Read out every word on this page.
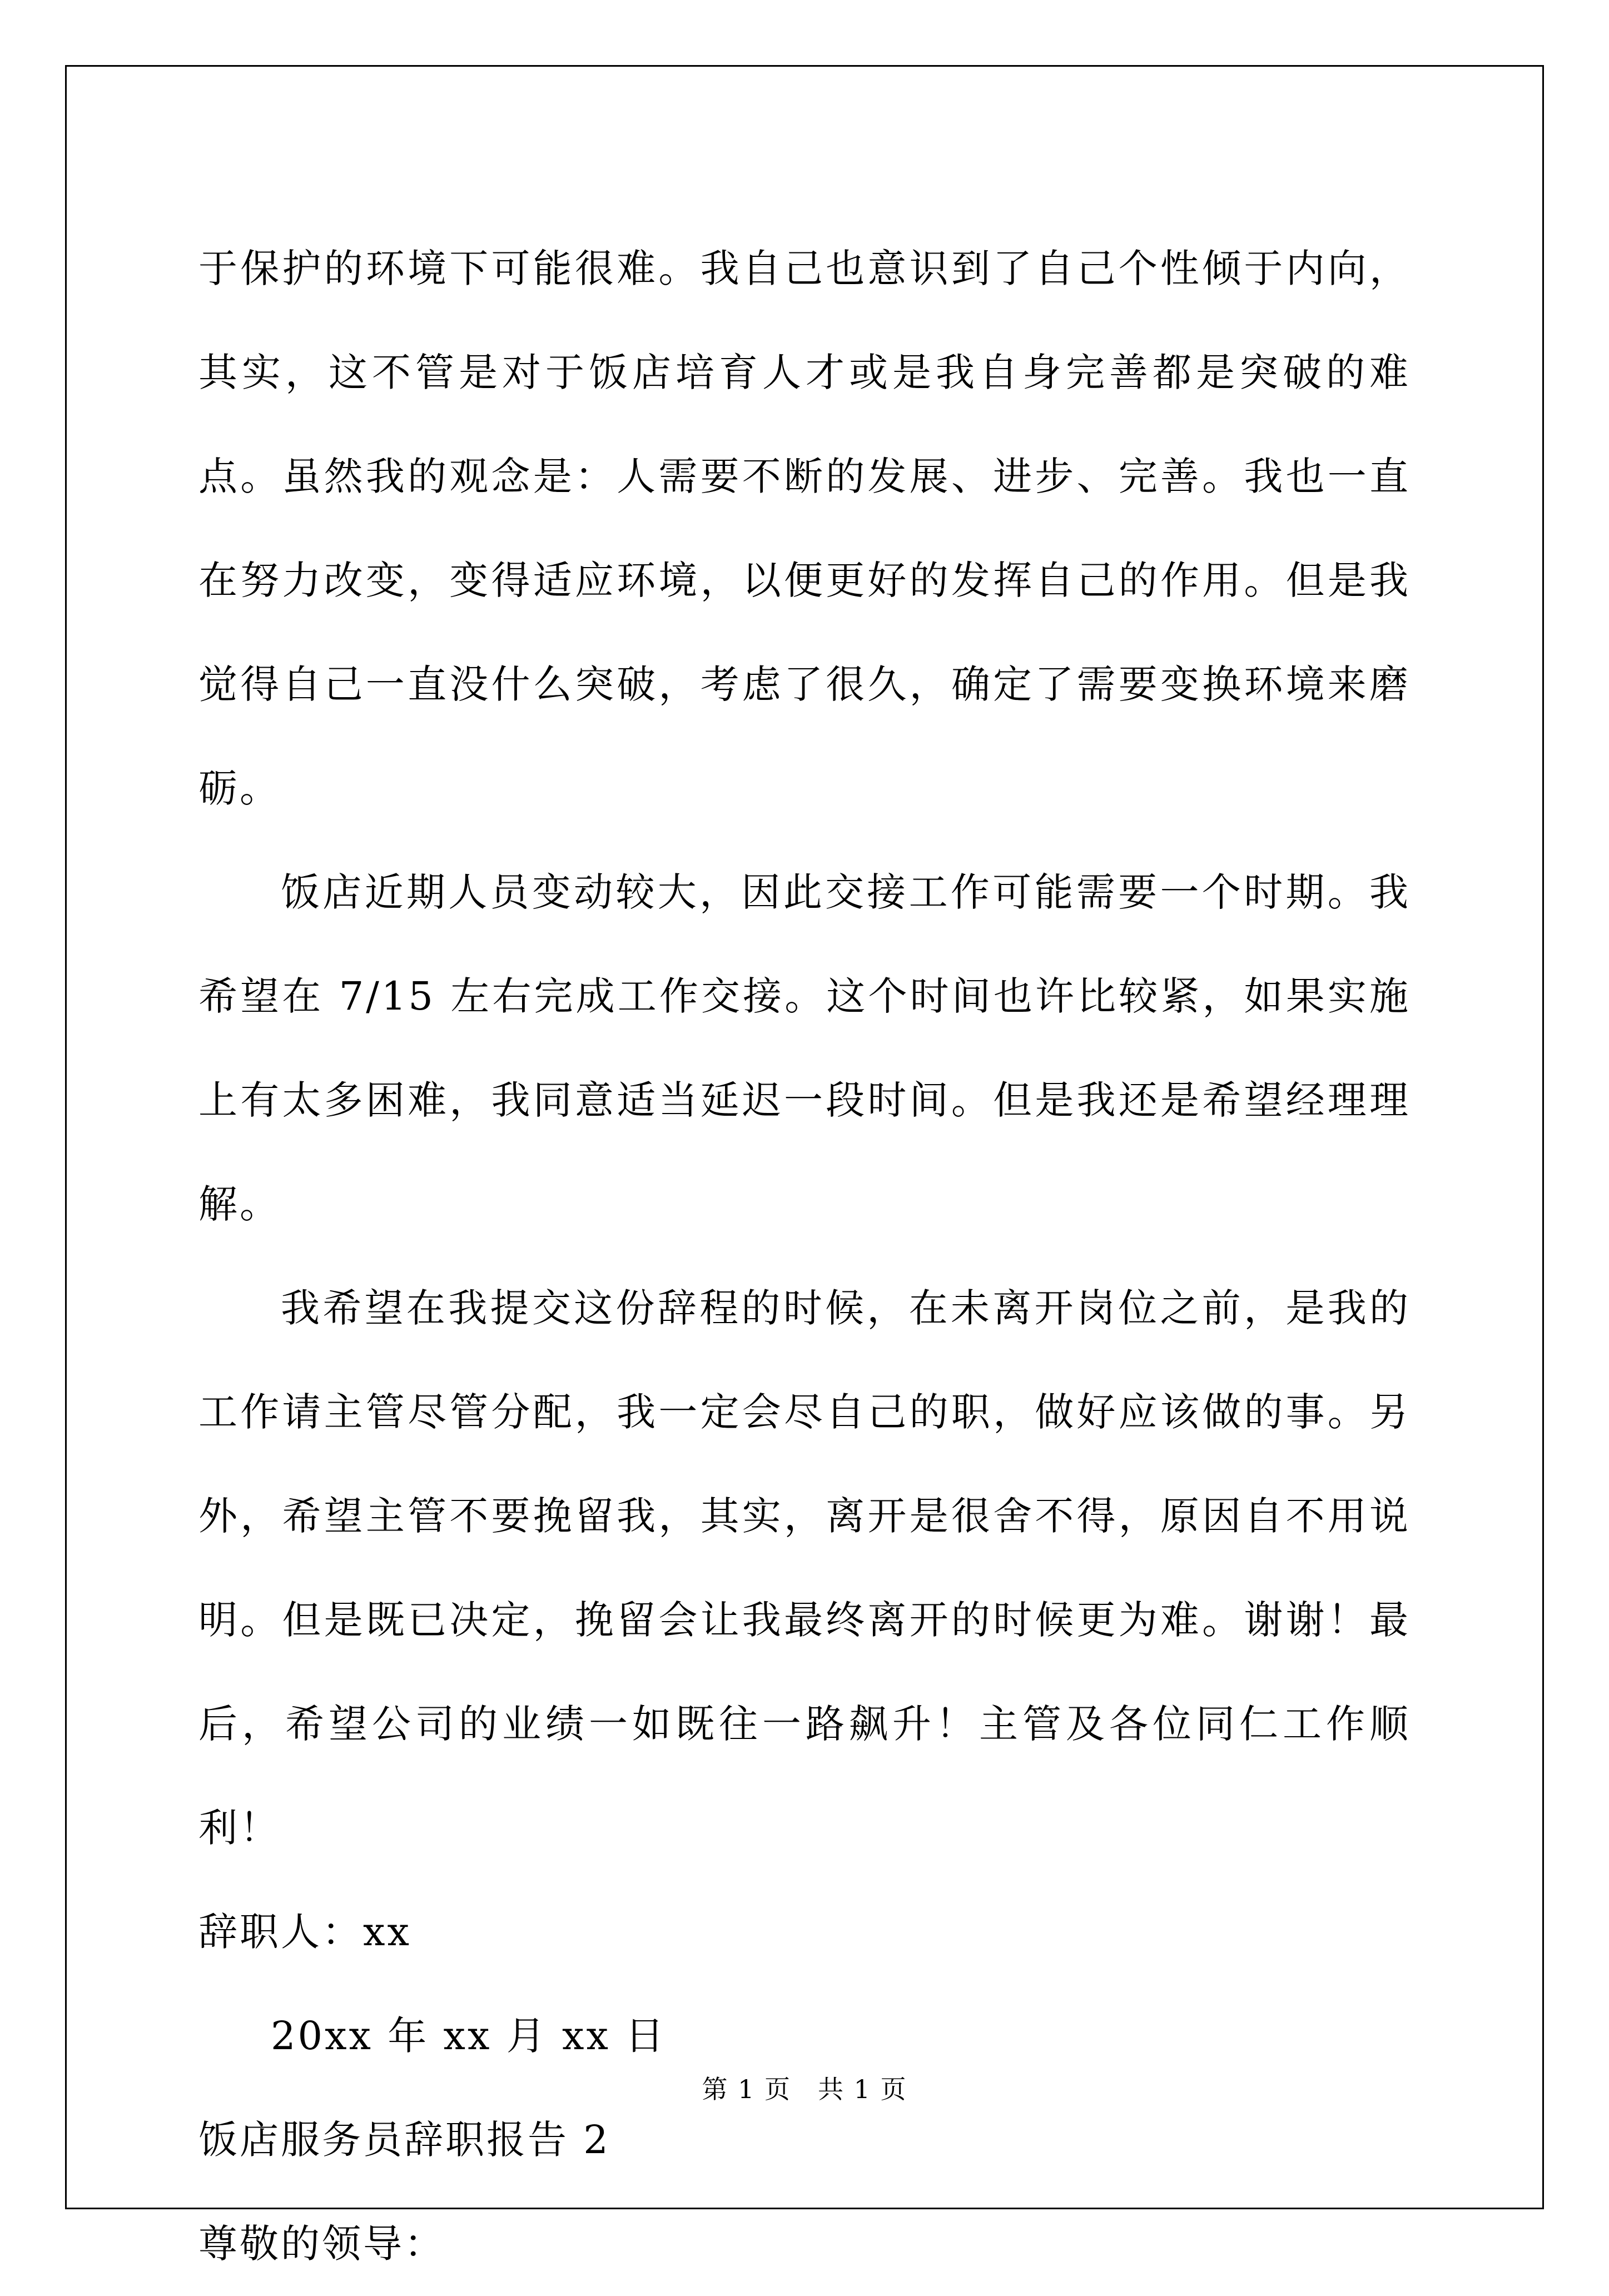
于保护的环境下可能很难。我自己也意识到了自己个性倾于内向，其实，这不管是对于饭店培育人才或是我自身完善都是突破的难点。虽然我的观念是：人需要不断的发展、进步、完善。我也一直在努力改变，变得适应环境，以便更好的发挥自己的作用。但是我觉得自己一直没什么突破，考虑了很久，确定了需要变换环境来磨砺。

饭店近期人员变动较大，因此交接工作可能需要一个时期。我希望在 7/15 左右完成工作交接。这个时间也许比较紧，如果实施上有太多困难，我同意适当延迟一段时间。但是我还是希望经理理解。

我希望在我提交这份辞程的时候，在未离开岗位之前，是我的工作请主管尽管分配，我一定会尽自己的职，做好应该做的事。另外，希望主管不要挽留我，其实，离开是很舍不得，原因自不用说明。但是既已决定，挽留会让我最终离开的时候更为难。谢谢！最后，希望公司的业绩一如既往一路飙升！主管及各位同仁工作顺利！

辞职人：xx

20xx 年 xx 月 xx 日

饭店服务员辞职报告 2

尊敬的领导：

第 1 页　共 1 页
